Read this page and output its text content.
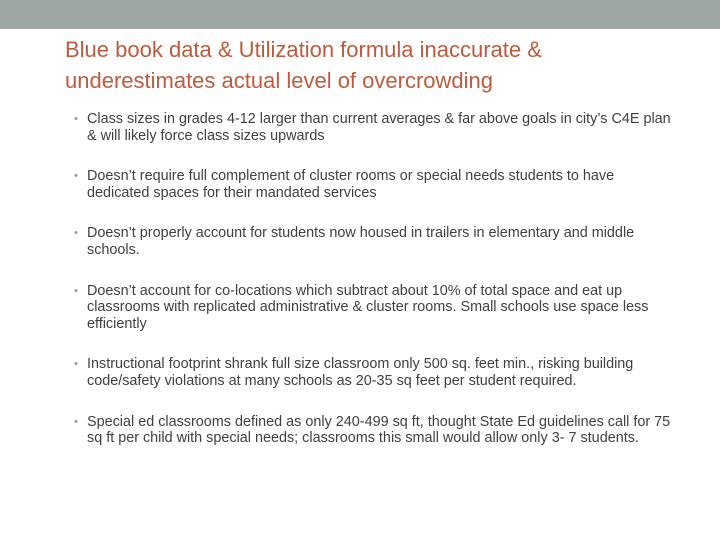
Blue book data & Utilization formula inaccurate & underestimates actual level of overcrowding
• Class sizes in grades 4-12 larger than current averages & far above goals in city’s C4E plan & will likely force class sizes upwards
• Doesn’t require full complement of cluster rooms or special needs students to have dedicated spaces for their mandated services
• Doesn’t properly account for students now housed in trailers in elementary and middle schools.
• Doesn’t account for co-locations which subtract about 10% of total space and eat up classrooms with replicated administrative & cluster rooms. Small schools use space less efficiently
• Instructional footprint shrank full size classroom only 500 sq. feet min., risking building code/safety violations at many schools as 20-35 sq feet per student required.
• Special ed classrooms defined as only 240-499 sq ft, thought State Ed guidelines call for 75 sq ft per child with special needs; classrooms this small would allow only 3- 7 students.
